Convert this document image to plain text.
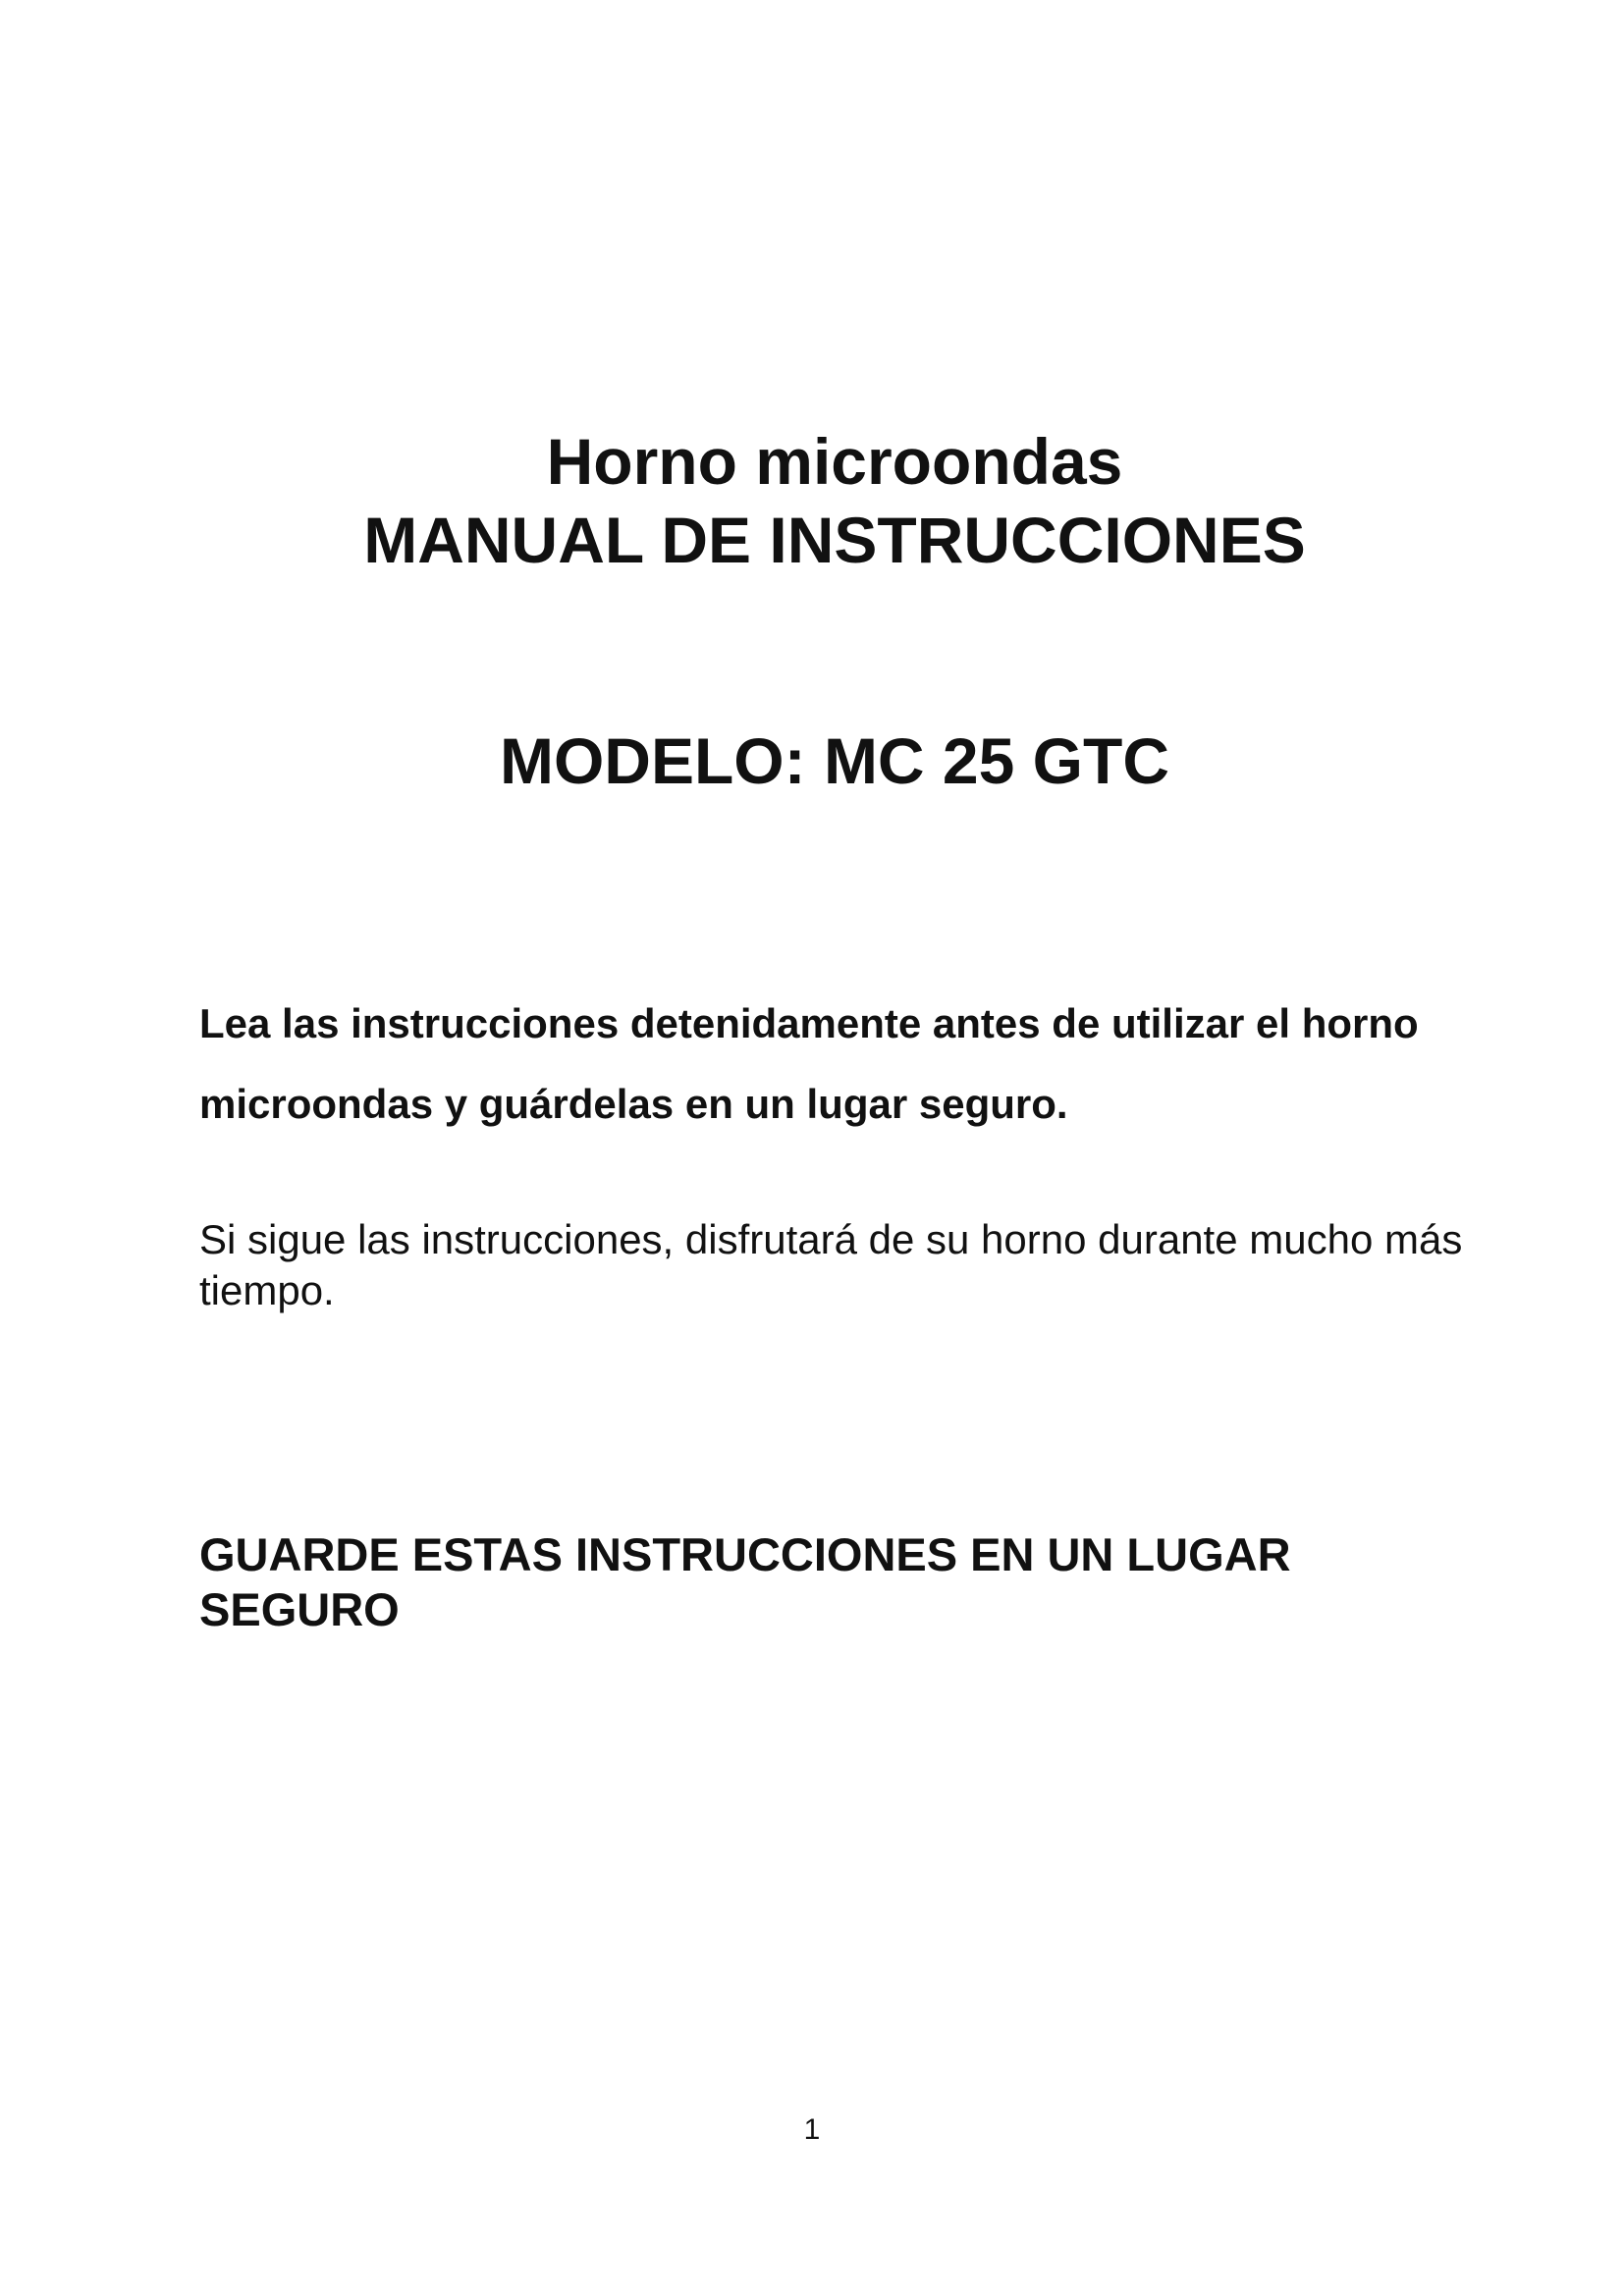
Horno microondas
MANUAL DE INSTRUCCIONES
MODELO: MC 25 GTC

Lea las instrucciones detenidamente antes de utilizar el horno microondas y guárdelas en un lugar seguro.

Si sigue las instrucciones, disfrutará de su horno durante mucho más tiempo.

GUARDE ESTAS INSTRUCCIONES EN UN LUGAR SEGURO

1
